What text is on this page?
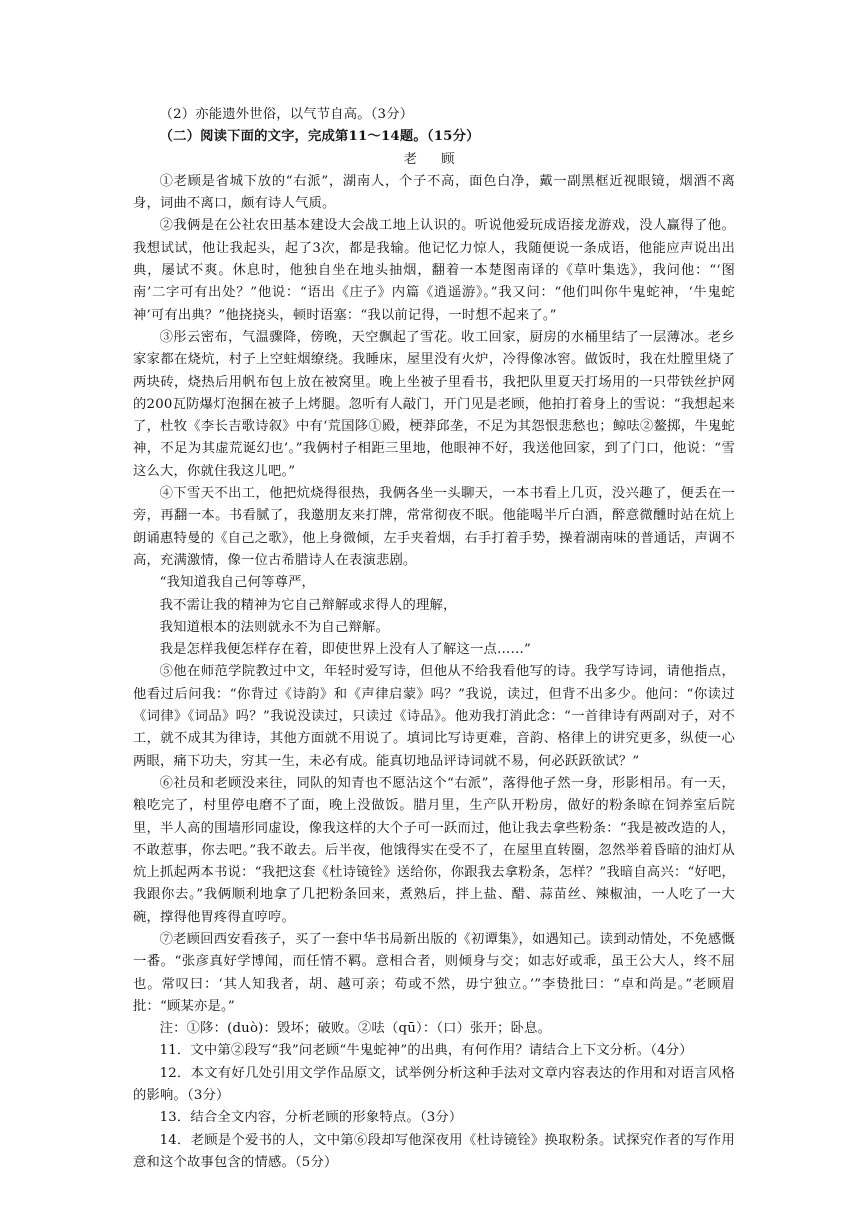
（2）亦能遗外世俗，以气节自高。（3分）

（二）阅读下面的文字，完成第11～14题。（15分）

老 顾

①老顾是省城下放的“右派”，湖南人，个子不高，面色白净，戴一副黑框近视眼镜，烟酒不离身，词曲不离口，颇有诗人气质。

②我俩是在公社农田基本建设大会战工地上认识的。听说他爱玩成语接龙游戏，没人赢得了他。我想试试，他让我起头，起了3次，都是我输。他记忆力惊人，我随便说一条成语，他能应声说出出典，屡试不爽。休息时，他独自坐在地头抽烟，翻着一本楚图南译的《草叶集选》，我问他：“‘图南’二字可有出处？”他说：“语出《庄子》内篇《逍遥游》。”我又问：“他们叫你牛鬼蛇神，‘牛鬼蛇神’可有出典？”他挠挠头，顿时语塞：“我以前记得，一时想不起来了。”

③彤云密布，气温骤降，傍晚，天空飘起了雪花。收工回家，厨房的水桶里结了一层薄冰。老乡家家都在烧炕，村子上空蛀烟缭绕。我睡床，屋里没有火炉，冷得像冰窖。做饭时，我在灶膛里烧了两块砖，烧热后用帆布包上放在被窝里。晚上坐被子里看书，我把队里夏天打场用的一只带铁丝护网的200瓦防爆灯泡捆在被子上烤腿。忽听有人敲门，开门见是老顾，他拍打着身上的雪说：“我想起来了，杜牧《李长吉歌诗叙》中有‘荒国陊①殿，梗莽邱垄，不足为其怨恨悲愁也；鲸呿②鳌掷，牛鬼蛇神，不足为其虚荒诞幻也’。”我俩村子相距三里地，他眼神不好，我送他回家，到了门口，他说：“雪这么大，你就住我这儿吧。”

④下雪天不出工，他把炕烧得很热，我俩各坐一头聊天，一本书看上几页，没兴趣了，便丢在一旁，再翻一本。书看腻了，我邀朋友来打牌，常常彻夜不眠。他能喝半斤白酒，醉意微醺时站在炕上朗诵惠特曼的《自己之歌》，他上身微倾，左手夹着烟，右手打着手势，操着湖南味的普通话，声调不高，充满激情，像一位古希腊诗人在表演悲剧。

“我知道我自己何等尊严，

我不需让我的精神为它自己辩解或求得人的理解，

我知道根本的法则就永不为自己辩解。

我是怎样我便怎样存在着，即使世界上没有人了解这一点……”

⑤他在师范学院教过中文，年轻时爱写诗，但他从不给我看他写的诗。我学写诗词，请他指点，他看过后问我：“你背过《诗韵》和《声律启蒙》吗？”我说，读过，但背不出多少。他问：“你读过《词律》《词品》吗？”我说没读过，只读过《诗品》。他劝我打消此念：“一首律诗有两副对子，对不工，就不成其为律诗，其他方面就不用说了。填词比写诗更难，音韵、格律上的讲究更多，纵使一心两眼，痛下功夫，穷其一生，未必有成。能真切地品评诗词就不易，何必跃跃欲试？”

⑥社员和老顾没来往，同队的知青也不愿沾这个“右派”，落得他孑然一身，形影相吊。有一天，粮吃完了，村里停电磨不了面，晚上没做饭。腊月里，生产队开粉房，做好的粉条晾在饲养室后院里，半人高的围墙形同虚设，像我这样的大个子可一跃而过，他让我去拿些粉条：“我是被改造的人，不敢惹事，你去吧。”我不敢去。后半夜，他饿得实在受不了，在屋里直转圈，忽然举着昏暗的油灯从炕上抓起两本书说：“我把这套《杜诗镜铨》送给你，你跟我去拿粉条，怎样？”我暗自高兴：“好吧，我跟你去。”我俩顺利地拿了几把粉条回来，煮熟后，拌上盐、醋、蒜苗丝、辣椒油，一人吃了一大碗，撑得他胃疼得直哼哼。

⑦老顾回西安看孩子，买了一套中华书局新出版的《初谭集》，如遇知己。读到动情处，不免感慨一番。“张彦真好学博闻，而任情不羁。意相合者，则倾身与交；如志好或乖，虽王公大人，终不屈也。常叹曰：‘其人知我者，胡、越可亲；苟或不然，毋宁独立。’”李贽批曰：“卓和尚是。”老顾眉批：“顾某亦是。”

注：①陊：(duò)：毁坏；破败。②呿（qū）：（口）张开；卧息。

11．文中第②段写“我”问老顾“牛鬼蛇神”的出典，有何作用？请结合上下文分析。（4分）

12．本文有好几处引用文学作品原文，试举例分析这种手法对文章内容表达的作用和对语言风格的影响。（3分）

13．结合全文内容，分析老顾的形象特点。（3分）

14．老顾是个爱书的人，文中第⑥段却写他深夜用《杜诗镜铨》换取粉条。试探究作者的写作用意和这个故事包含的情感。（5分）
